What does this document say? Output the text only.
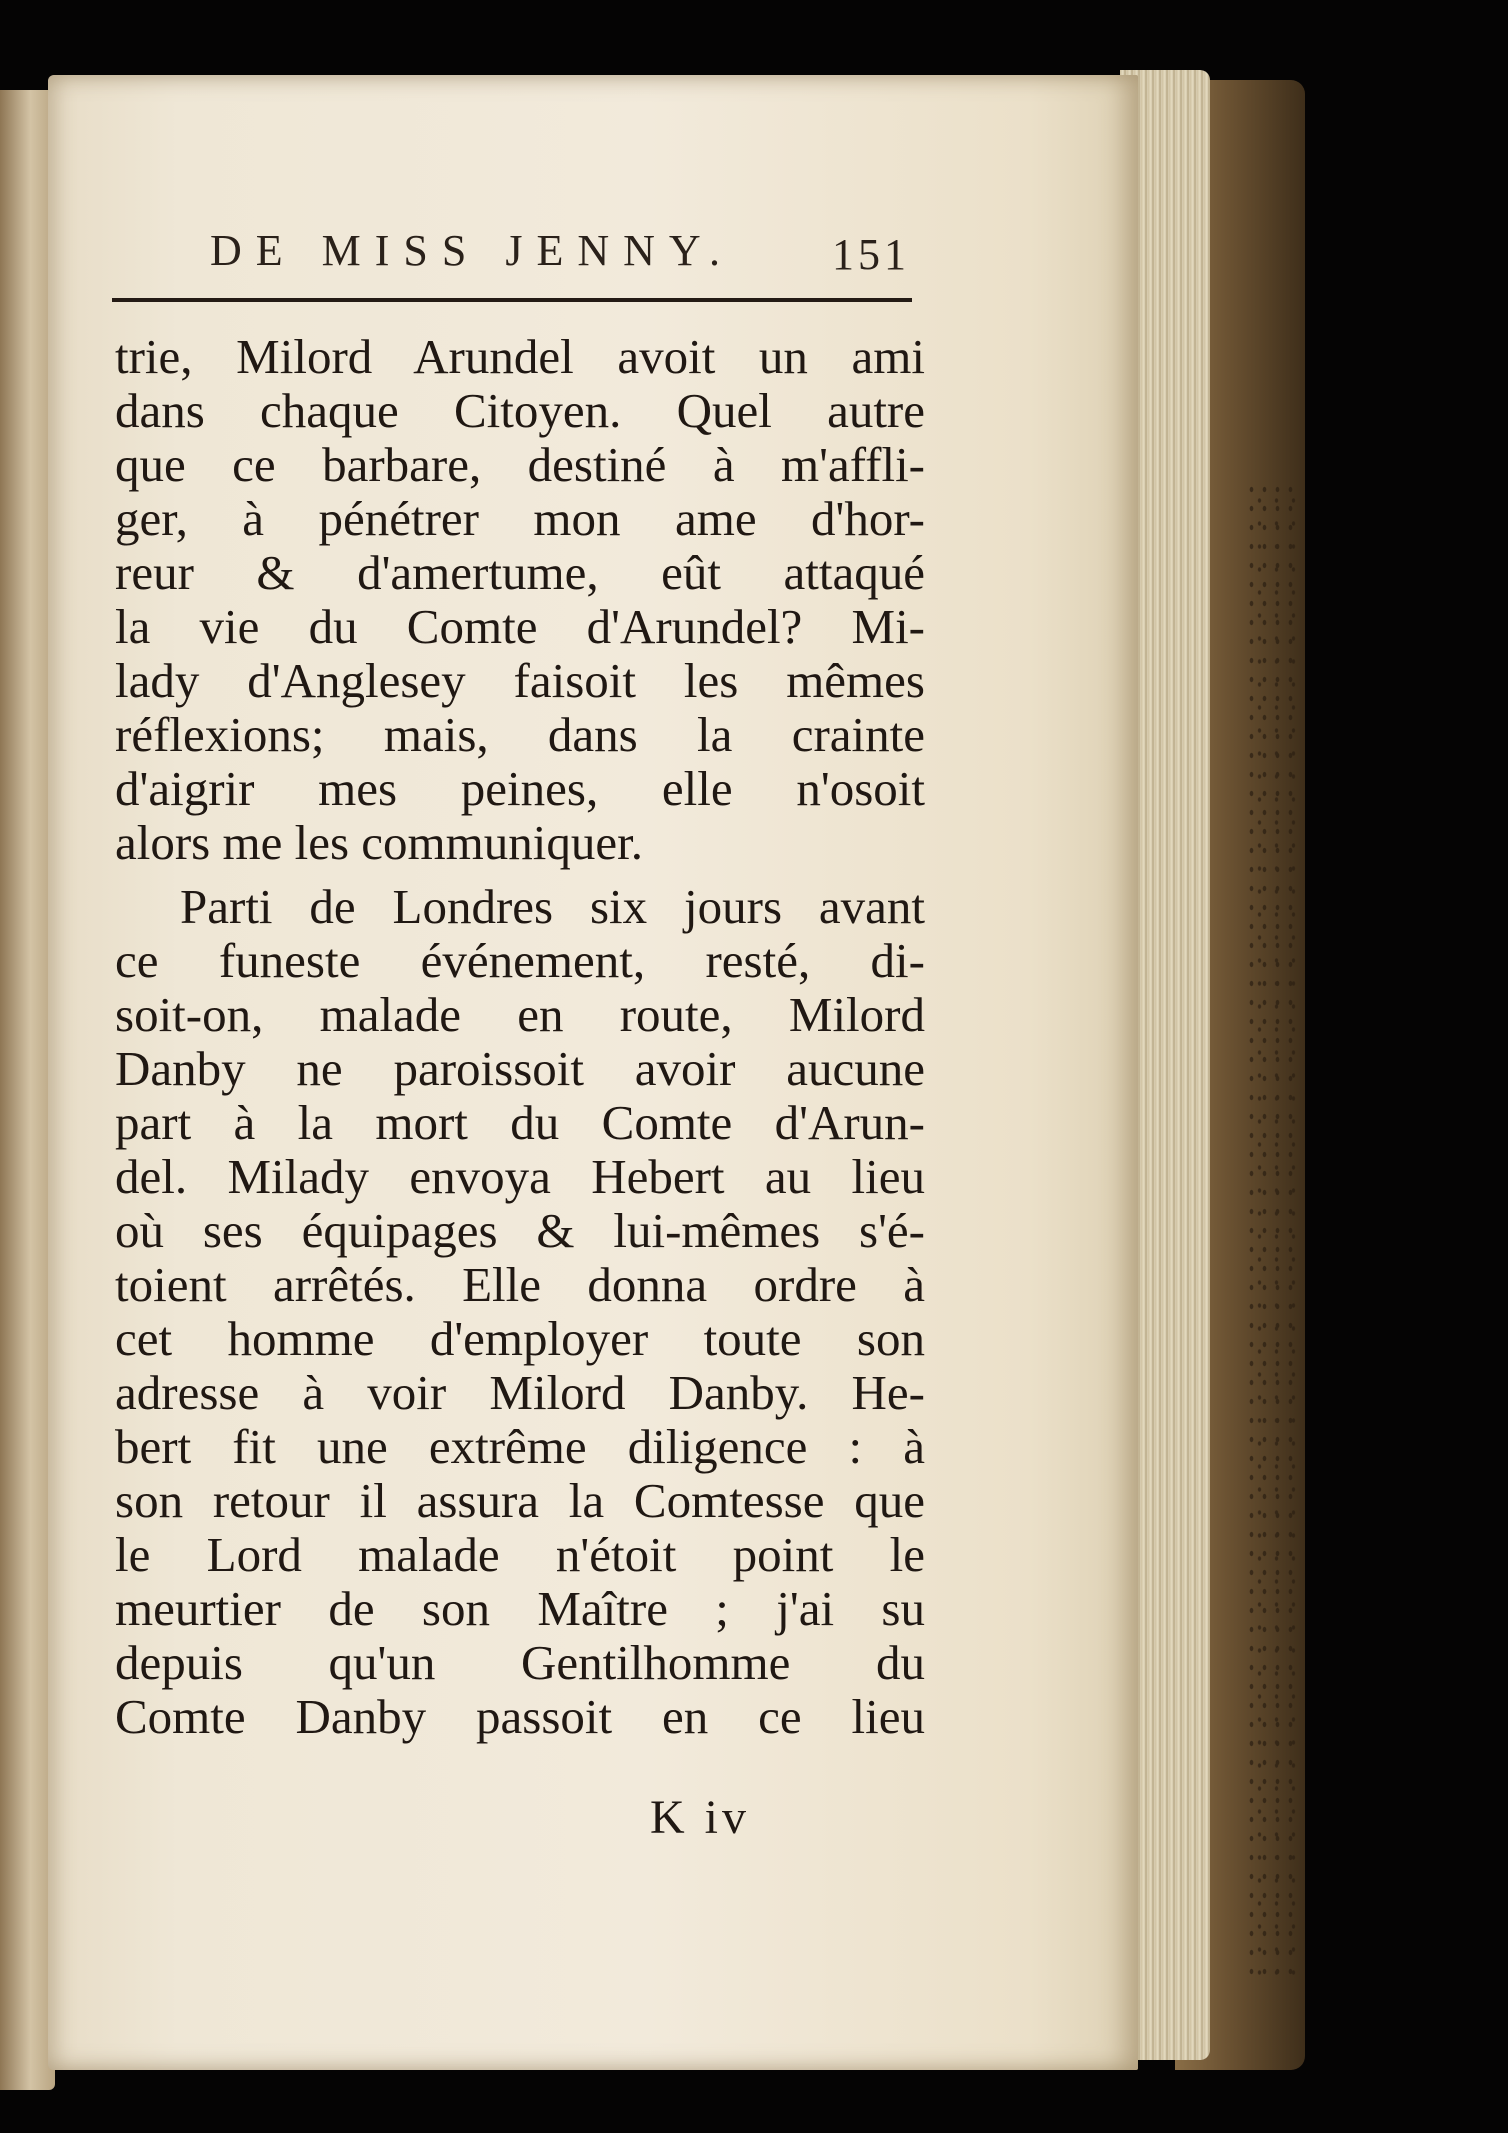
DE MISS JENNY. 151
trie, Milord Arundel avoit un ami
dans chaque Citoyen. Quel autre
que ce barbare, destiné à m'affli-
ger, à pénétrer mon ame d'hor-
reur & d'amertume, eût attaqué
la vie du Comte d'Arundel? Mi-
lady d'Anglesey faisoit les mêmes
réflexions; mais, dans la crainte
d'aigrir mes peines, elle n'osoit
alors me les communiquer.
Parti de Londres six jours avant
ce funeste événement, resté, di-
soit-on, malade en route, Milord
Danby ne paroissoit avoir aucune
part à la mort du Comte d'Arun-
del. Milady envoya Hebert au lieu
où ses équipages & lui-mêmes s'é-
toient arrêtés. Elle donna ordre à
cet homme d'employer toute son
adresse à voir Milord Danby. He-
bert fit une extrême diligence : à
son retour il assura la Comtesse que
le Lord malade n'étoit point le
meurtier de son Maître ; j'ai su
depuis qu'un Gentilhomme du
Comte Danby passoit en ce lieu
K iv
